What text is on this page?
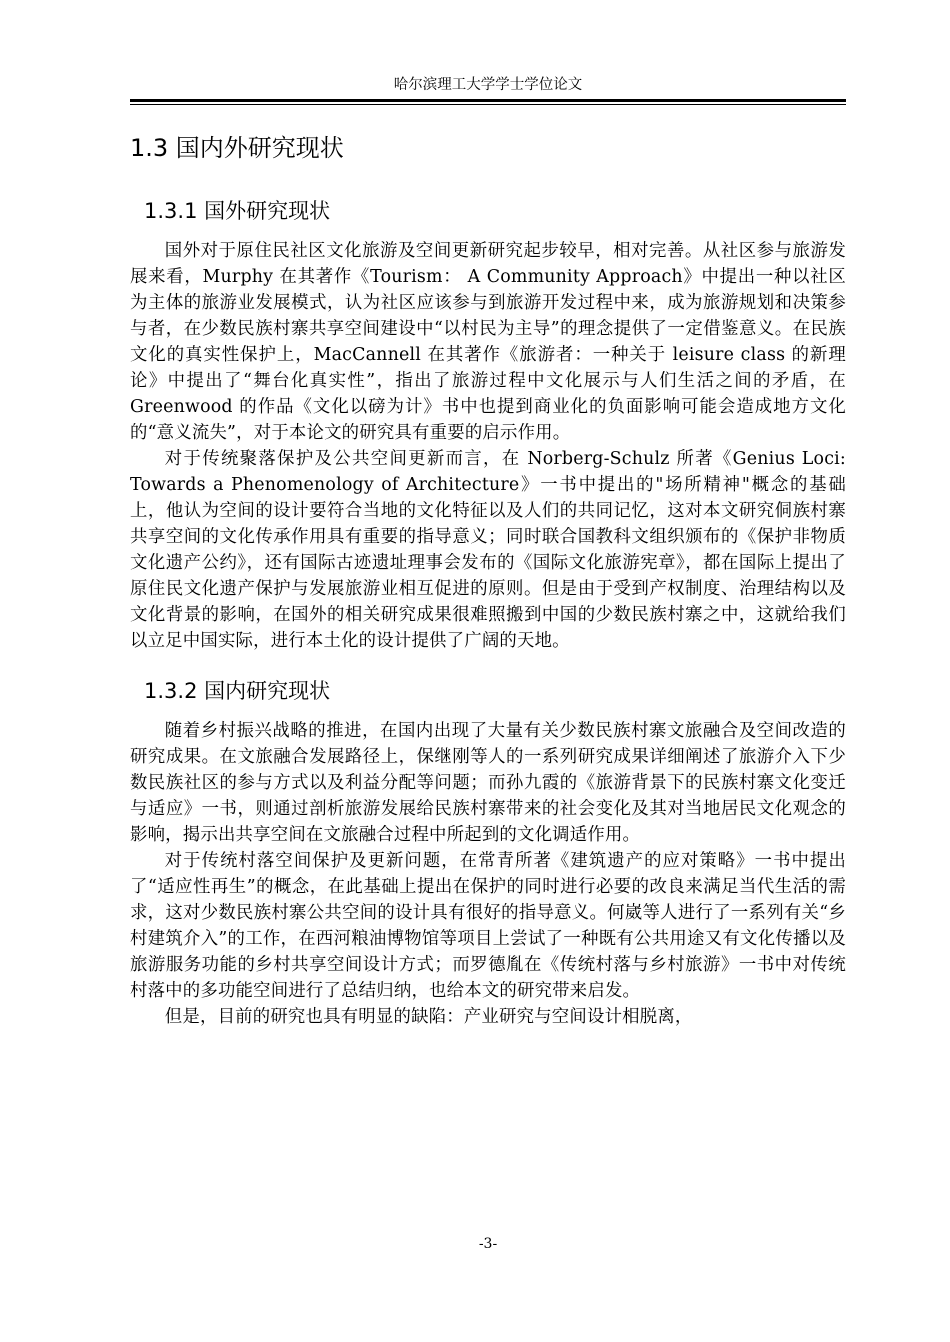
哈尔滨理工大学学士学位论文
1.3 国内外研究现状
1.3.1 国外研究现状

国外对于原住民社区文化旅游及空间更新研究起步较早，相对完善。从社区参与旅游发展来看，Murphy 在其著作《Tourism： A Community Approach》中提出一种以社区为主体的旅游业发展模式，认为社区应该参与到旅游开发过程中来，成为旅游规划和决策参与者，在少数民族村寨共享空间建设中“以村民为主导”的理念提供了一定借鉴意义。在民族文化的真实性保护上，MacCannell 在其著作《旅游者：一种关于 leisure class 的新理论》中提出了“舞台化真实性”，指出了旅游过程中文化展示与人们生活之间的矛盾，在 Greenwood 的作品《文化以磅为计》书中也提到商业化的负面影响可能会造成地方文化的“意义流失”，对于本论文的研究具有重要的启示作用。

对于传统聚落保护及公共空间更新而言，在 Norberg-Schulz 所著《Genius Loci: Towards a Phenomenology of Architecture》一书中提出的"场所精神"概念的基础上，他认为空间的设计要符合当地的文化特征以及人们的共同记忆，这对本文研究侗族村寨共享空间的文化传承作用具有重要的指导意义；同时联合国教科文组织颁布的《保护非物质文化遗产公约》，还有国际古迹遗址理事会发布的《国际文化旅游宪章》，都在国际上提出了原住民文化遗产保护与发展旅游业相互促进的原则。但是由于受到产权制度、治理结构以及文化背景的影响，在国外的相关研究成果很难照搬到中国的少数民族村寨之中，这就给我们以立足中国实际，进行本土化的设计提供了广阔的天地。

1.3.2 国内研究现状

随着乡村振兴战略的推进，在国内出现了大量有关少数民族村寨文旅融合及空间改造的研究成果。在文旅融合发展路径上，保继刚等人的一系列研究成果详细阐述了旅游介入下少数民族社区的参与方式以及利益分配等问题；而孙九霞的《旅游背景下的民族村寨文化变迁与适应》一书，则通过剖析旅游发展给民族村寨带来的社会变化及其对当地居民文化观念的影响，揭示出共享空间在文旅融合过程中所起到的文化调适作用。

对于传统村落空间保护及更新问题，在常青所著《建筑遗产的应对策略》一书中提出了“适应性再生”的概念，在此基础上提出在保护的同时进行必要的改良来满足当代生活的需求，这对少数民族村寨公共空间的设计具有很好的指导意义。何崴等人进行了一系列有关“乡村建筑介入”的工作，在西河粮油博物馆等项目上尝试了一种既有公共用途又有文化传播以及旅游服务功能的乡村共享空间设计方式；而罗德胤在《传统村落与乡村旅游》一书中对传统村落中的多功能空间进行了总结归纳，也给本文的研究带来启发。

但是，目前的研究也具有明显的缺陷：产业研究与空间设计相脱离，

-3-
